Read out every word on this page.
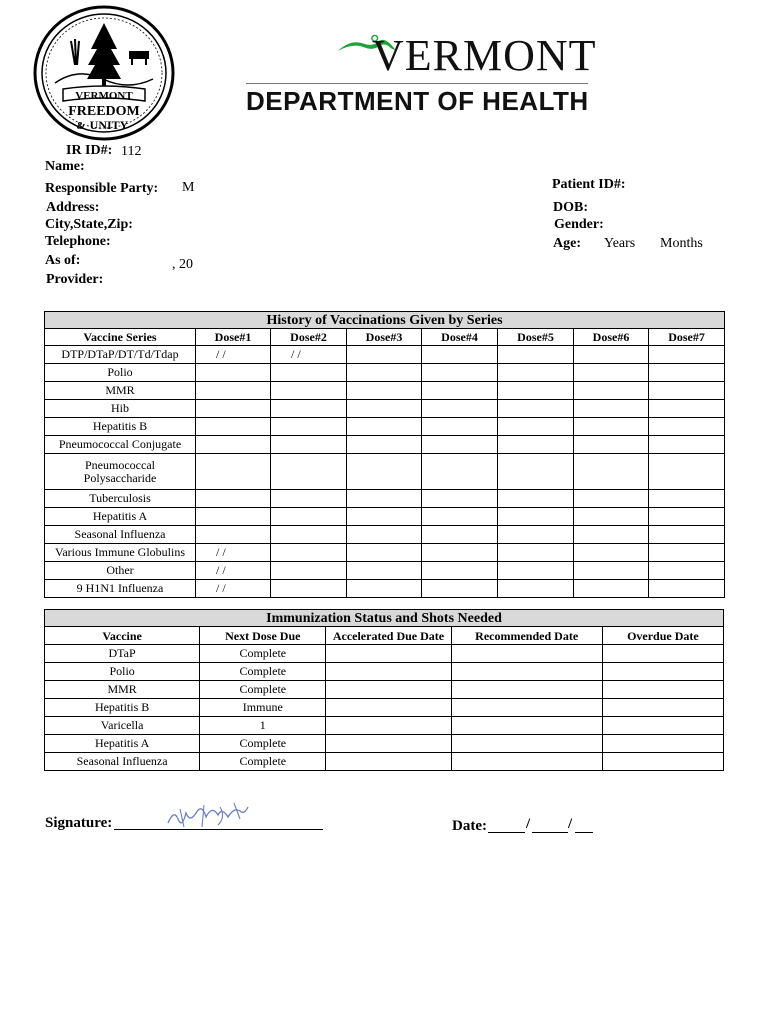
VERMONT
FREEDOM
& UNITY
VERMONT
DEPARTMENT OF HEALTH
IR ID#: 112
Name:
Responsible Party: M
Address:
City,State,Zip:
Telephone:
As of:	, 20
Provider:
Patient ID#:
DOB:
Gender:
Age: Years Months
History of Vaccinations Given by Series							
Vaccine Series	Dose#1	Dose#2	Dose#3	Dose#4	Dose#5	Dose#6	Dose#7
DTP/DTaP/DT/Td/Tdap	/ /	/ /					
Polio							
MMR							
Hib							
Hepatitis B							
Pneumococcal Conjugate							
Pneumococcal Polysaccharide							
Tuberculosis							
Hepatitis A							
Seasonal Influenza							
Various Immune Globulins	/ /						
Other	/ /						
9 H1N1 Influenza	/ /						
Immunization Status and Shots Needed				
Vaccine	Next Dose Due	Accelerated Due Date	Recommended Date	Overdue Date
DTaP	Complete			
Polio	Complete			
MMR	Complete			
Hepatitis B	Immune			
Varicella	1			
Hepatitis A	Complete			
Seasonal Influenza	Complete			
Signature:	Date:	/	/
